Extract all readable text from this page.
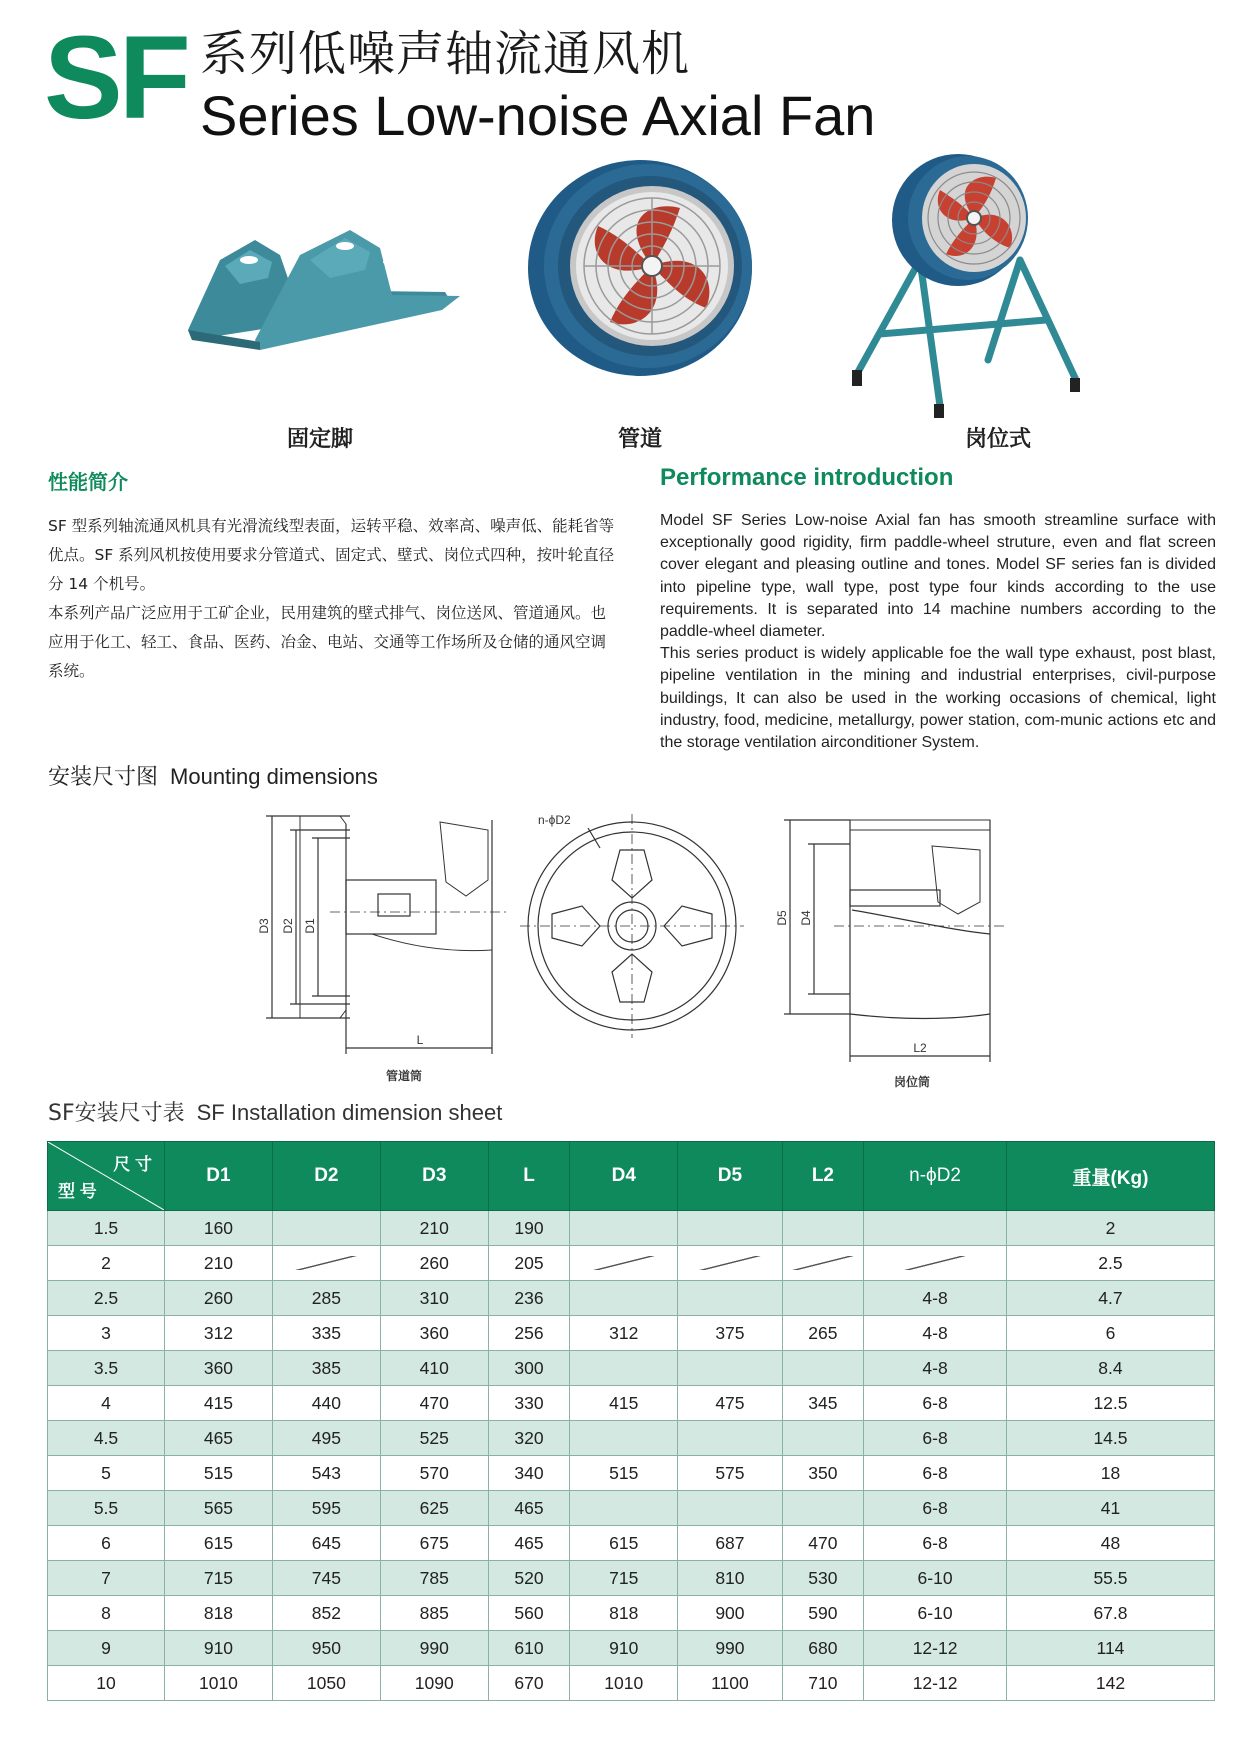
SF 系列低噪声轴流通风机
Series Low-noise Axial Fan
固定脚	管道	岗位式
性能简介	Performance introduction

SF 型系列轴流通风机具有光滑流线型表面，运转平稳、效率高、噪声低、能耗省等优点。SF 系列风机按使用要求分管道式、固定式、壁式、岗位式四种，按叶轮直径分 14 个机号。

本系列产品广泛应用于工矿企业，民用建筑的壁式排气、岗位送风、管道通风。也应用于化工、轻工、食品、医药、冶金、电站、交通等工作场所及仓储的通风空调系统。

Model SF Series Low-noise Axial fan has smooth streamline surface with exceptionally good rigidity, firm paddle-wheel struture, even and flat screen cover elegant and pleasing outline and tones. Model SF series fan is divided into pipeline type, wall type, post type four kinds according to the use requirements. It is separated into 14 machine numbers according to the paddle-wheel diameter.

This series product is widely applicable foe the wall type exhaust, post blast, pipeline ventilation in the mining and industrial enterprises, civil-purpose buildings, It can also be used in the working occasions of chemical, light industry, food, medicine, metallurgy, power station, com-munic actions etc and the storage ventilation airconditioner System.

安装尺寸图 Mounting dimensions
D3 D2 D1
L
管道筒
n-ϕD2
D5 D4
L2
岗位筒
SF安装尺寸表 SF Installation dimension sheet
尺 寸
型 号	D1	D2	D3	L	D4	D5	L2	n-ϕD2	重量(Kg)
1.5	160		210	190					2
2	210		260	205					2.5
2.5	260	285	310	236				4-8	4.7
3	312	335	360	256	312	375	265	4-8	6
3.5	360	385	410	300				4-8	8.4
4	415	440	470	330	415	475	345	6-8	12.5
4.5	465	495	525	320				6-8	14.5
5	515	543	570	340	515	575	350	6-8	18
5.5	565	595	625	465				6-8	41
6	615	645	675	465	615	687	470	6-8	48
7	715	745	785	520	715	810	530	6-10	55.5
8	818	852	885	560	818	900	590	6-10	67.8
9	910	950	990	610	910	990	680	12-12	114
10	1010	1050	1090	670	1010	1100	710	12-12	142
